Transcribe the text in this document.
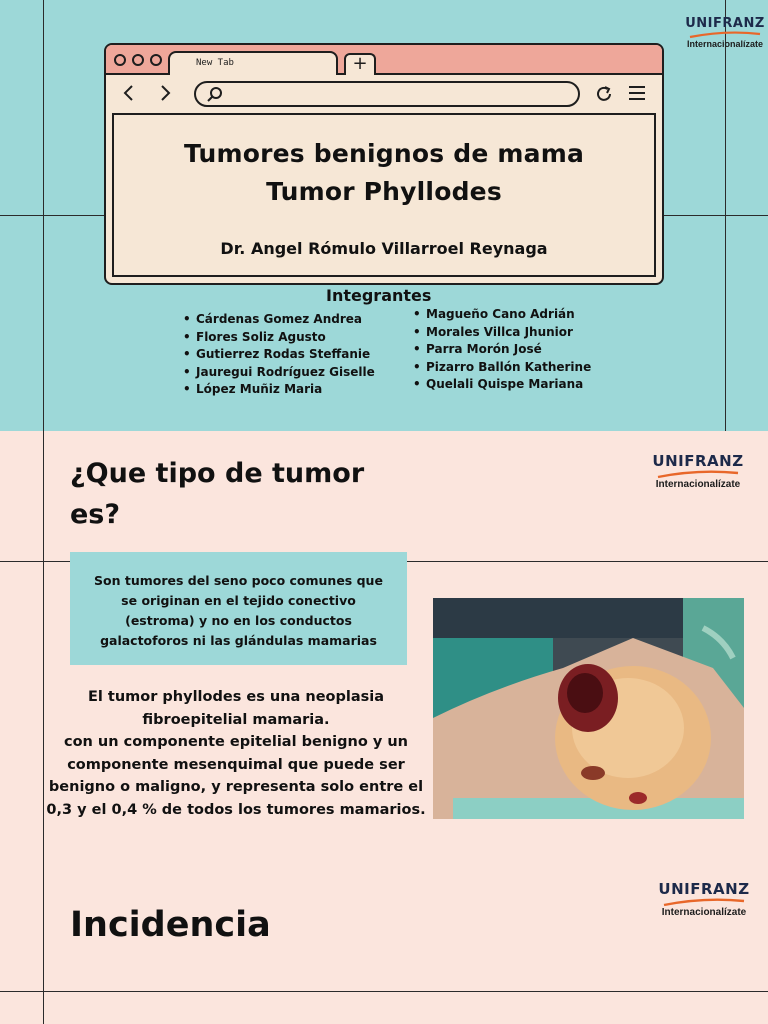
UNIFRANZ
Internacionalízate
New Tab	+
Tumores benignos de mama
Tumor Phyllodes
Dr. Angel Rómulo Villarroel Reynaga
Integrantes
• Cárdenas Gomez Andrea
• Flores Soliz Agusto
• Gutierrez Rodas Steffanie
• Jauregui Rodríguez Giselle
• López Muñiz Maria
• Magueño Cano Adrián
• Morales Villca Jhunior
• Parra Morón José
• Pizarro Ballón Katherine
• Quelali Quispe Mariana
UNIFRANZ
Internacionalízate
¿Que tipo de tumor es?
Son tumores del seno poco comunes que se originan en el tejido conectivo (estroma) y no en los conductos galactoforos ni las glándulas mamarias
El tumor phyllodes es una neoplasia
fibroepitelial mamaria.
con un componente epitelial benigno y un
componente mesenquimal que puede ser
benigno o maligno, y representa solo entre el
0,3 y el 0,4 % de todos los tumores mamarios.
UNIFRANZ
Internacionalízate
Incidencia
